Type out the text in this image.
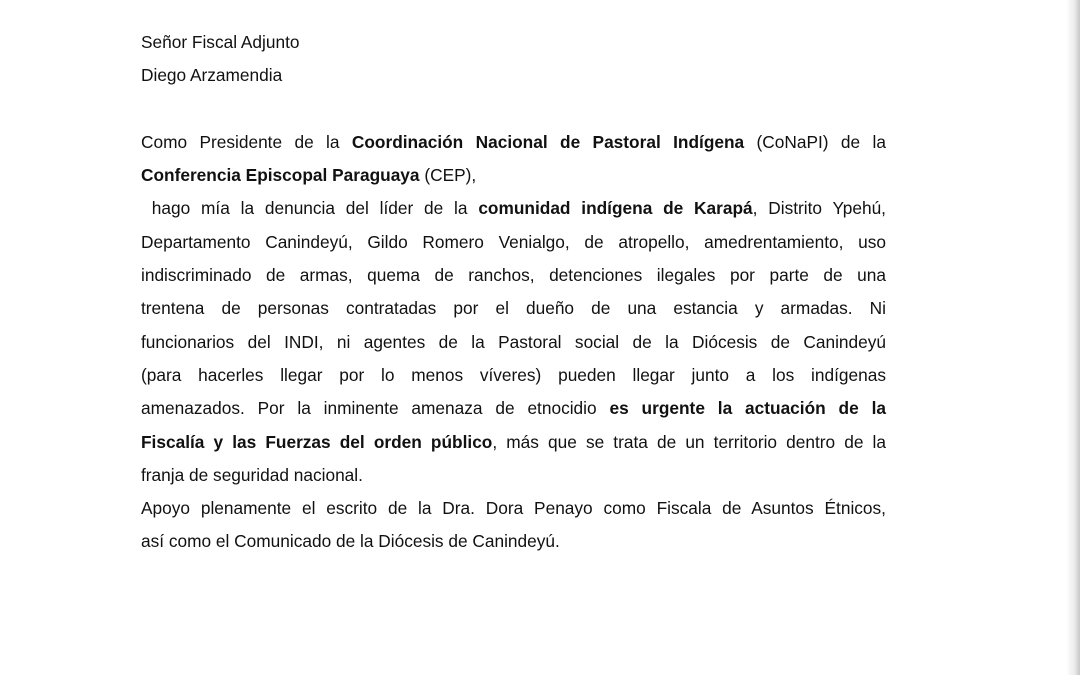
Señor Fiscal Adjunto
Diego Arzamendia
Como Presidente de la Coordinación Nacional de Pastoral Indígena (CoNaPI) de la
Conferencia Episcopal Paraguaya (CEP),
hago mía la denuncia del líder de la comunidad indígena de Karapá, Distrito Ypehú,
Departamento Canindeyú, Gildo Romero Venialgo, de atropello, amedrentamiento, uso
indiscriminado de armas, quema de ranchos, detenciones ilegales por parte de una
trentena de personas contratadas por el dueño de una estancia y armadas. Ni
funcionarios del INDI, ni agentes de la Pastoral social de la Diócesis de Canindeyú
(para hacerles llegar por lo menos víveres) pueden llegar junto a los indígenas
amenazados. Por la inminente amenaza de etnocidio es urgente la actuación de la
Fiscalía y las Fuerzas del orden público, más que se trata de un territorio dentro de la
franja de seguridad nacional.
Apoyo plenamente el escrito de la Dra. Dora Penayo como Fiscala de Asuntos Étnicos,
así como el Comunicado de la Diócesis de Canindeyú.
